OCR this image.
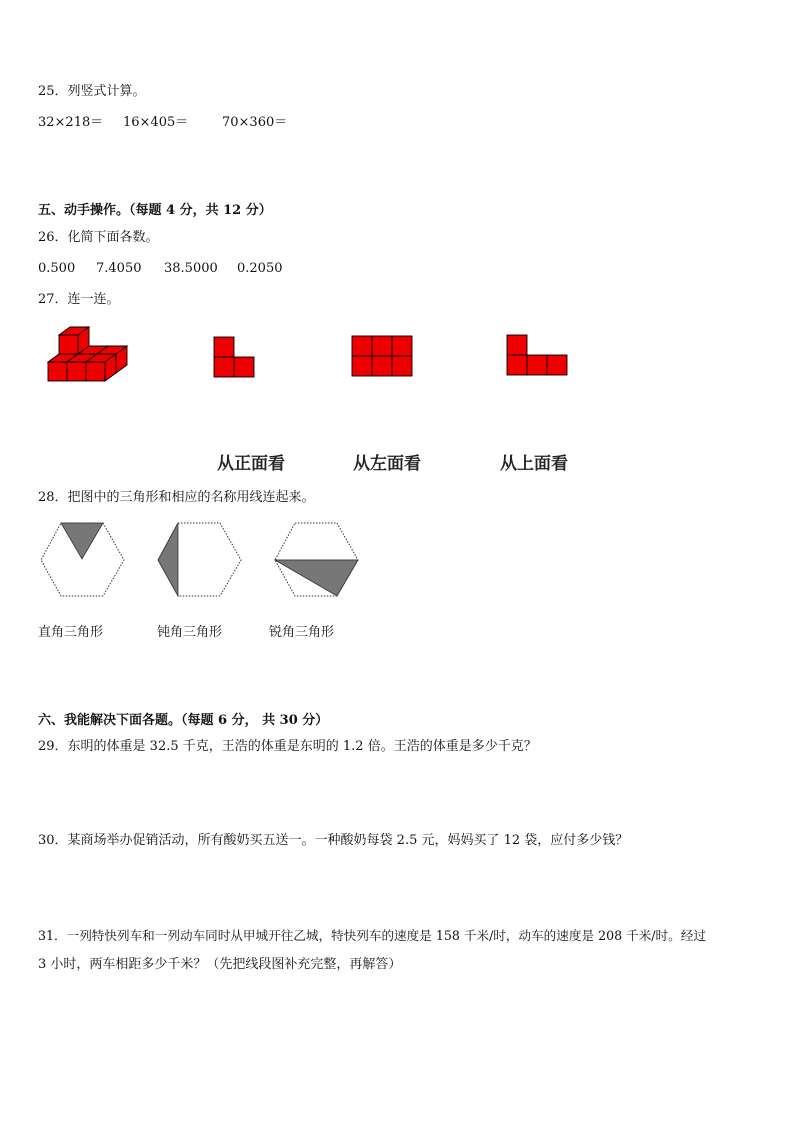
25．列竖式计算。
32×218＝ 16×405＝	70×360＝
五、动手操作。（每题 4 分，共 12 分）
26．化简下面各数。
0.500 7.4050 38.5000 0.2050
27．连一连。
从正面看	从左面看	从上面看
28．把图中的三角形和相应的名称用线连起来。
直角三角形	钝角三角形	锐角三角形
六、我能解决下面各题。（每题 6 分， 共 30 分）
29．东明的体重是 32.5 千克，王浩的体重是东明的 1.2 倍。王浩的体重是多少千克？
30．某商场举办促销活动，所有酸奶买五送一。一种酸奶每袋 2.5 元，妈妈买了 12 袋，应付多少钱？
31．一列特快列车和一列动车同时从甲城开往乙城，特快列车的速度是 158 千米/时，动车的速度是 208 千米/时。经过
3 小时，两车相距多少千米？（先把线段图补充完整，再解答）
